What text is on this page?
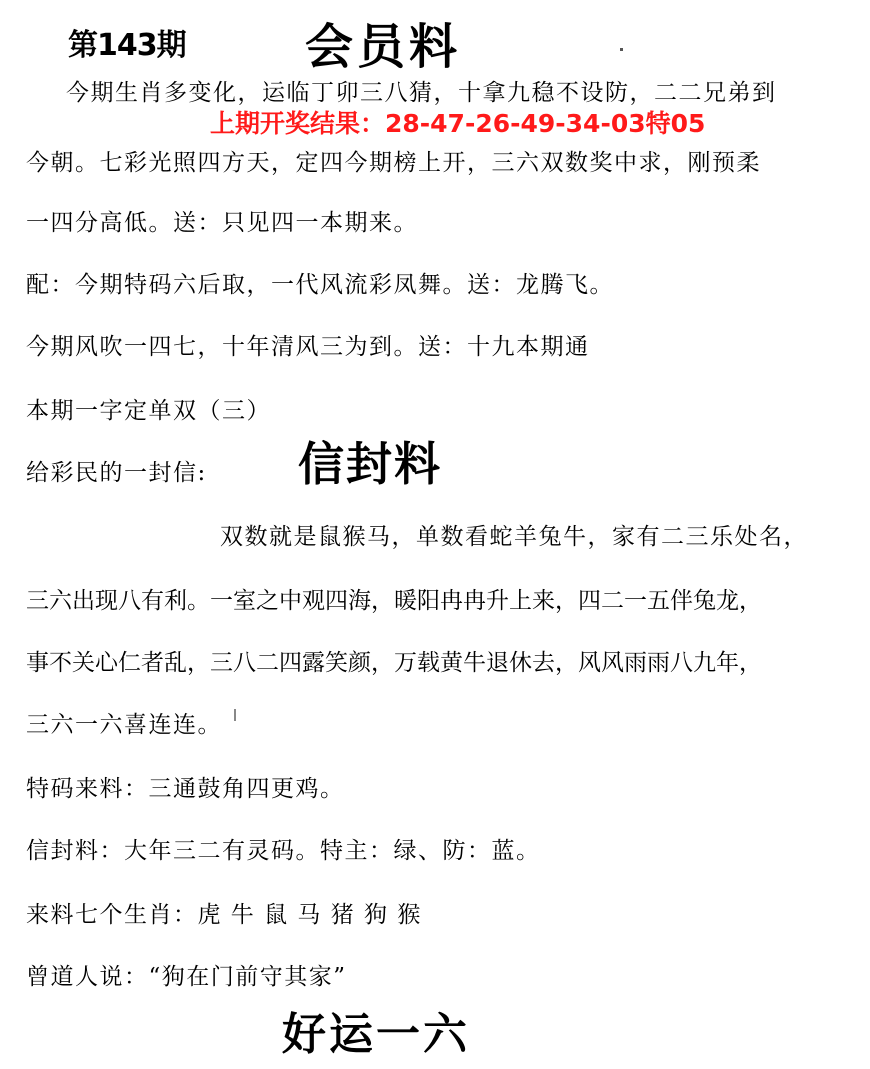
第143期 会员料
今期生肖多变化，运临丁卯三八猜，十拿九稳不设防，二二兄弟到
上期开奖结果：28-47-26-49-34-03特05
今朝。七彩光照四方天，定四今期榜上开，三六双数奖中求，刚预柔
一四分高低。送：只见四一本期来。
配：今期特码六后取，一代风流彩凤舞。送：龙腾飞。
今期风吹一四七，十年清风三为到。送：十九本期通
本期一字定单双（三）
给彩民的一封信: 信封料
双数就是鼠猴马，单数看蛇羊兔牛，家有二三乐处名，
三六出现八有利。一室之中观四海，暖阳冉冉升上来，四二一五伴兔龙，
事不关心仁者乱，三八二四露笑颜，万载黄牛退休去，风风雨雨八九年，
三六一六喜连连。
特码来料：三通鼓角四更鸡。
信封料：大年三二有灵码。特主：绿、防：蓝。
来料七个生肖：虎 牛 鼠 马 猪 狗 猴
曾道人说：“狗在门前守其家”
好运一六
